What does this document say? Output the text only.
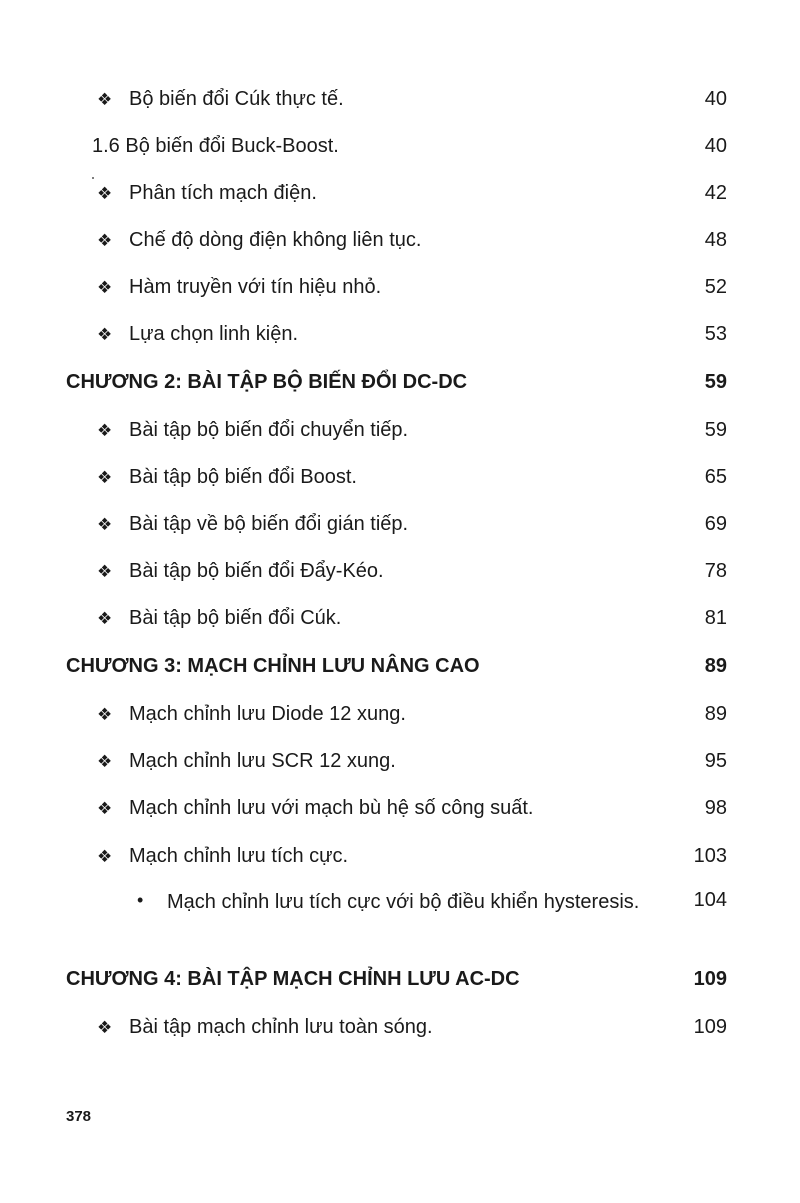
❖ Bộ biến đổi Cúk thực tế.	40
1.6 Bộ biến đổi Buck-Boost.	40
❖ Phân tích mạch điện.	42
❖ Chế độ dòng điện không liên tục.	48
❖ Hàm truyền với tín hiệu nhỏ.	52
❖ Lựa chọn linh kiện.	53
CHƯƠNG 2: BÀI TẬP BỘ BIẾN ĐỔI DC-DC	59
❖ Bài tập bộ biến đổi chuyển tiếp.	59
❖ Bài tập bộ biến đổi Boost.	65
❖ Bài tập về bộ biến đổi gián tiếp.	69
❖ Bài tập bộ biến đổi Đẩy-Kéo.	78
❖ Bài tập bộ biến đổi Cúk.	81
CHƯƠNG 3: MẠCH CHỈNH LƯU NÂNG CAO	89
❖ Mạch chỉnh lưu Diode 12 xung.	89
❖ Mạch chỉnh lưu SCR 12 xung.	95
❖ Mạch chỉnh lưu với mạch bù hệ số công suất.	98
❖ Mạch chỉnh lưu tích cực.	103
• Mạch chỉnh lưu tích cực với bộ điều khiển hysteresis.	104
CHƯƠNG 4: BÀI TẬP MẠCH CHỈNH LƯU AC-DC	109
❖ Bài tập mạch chỉnh lưu toàn sóng.	109
378
